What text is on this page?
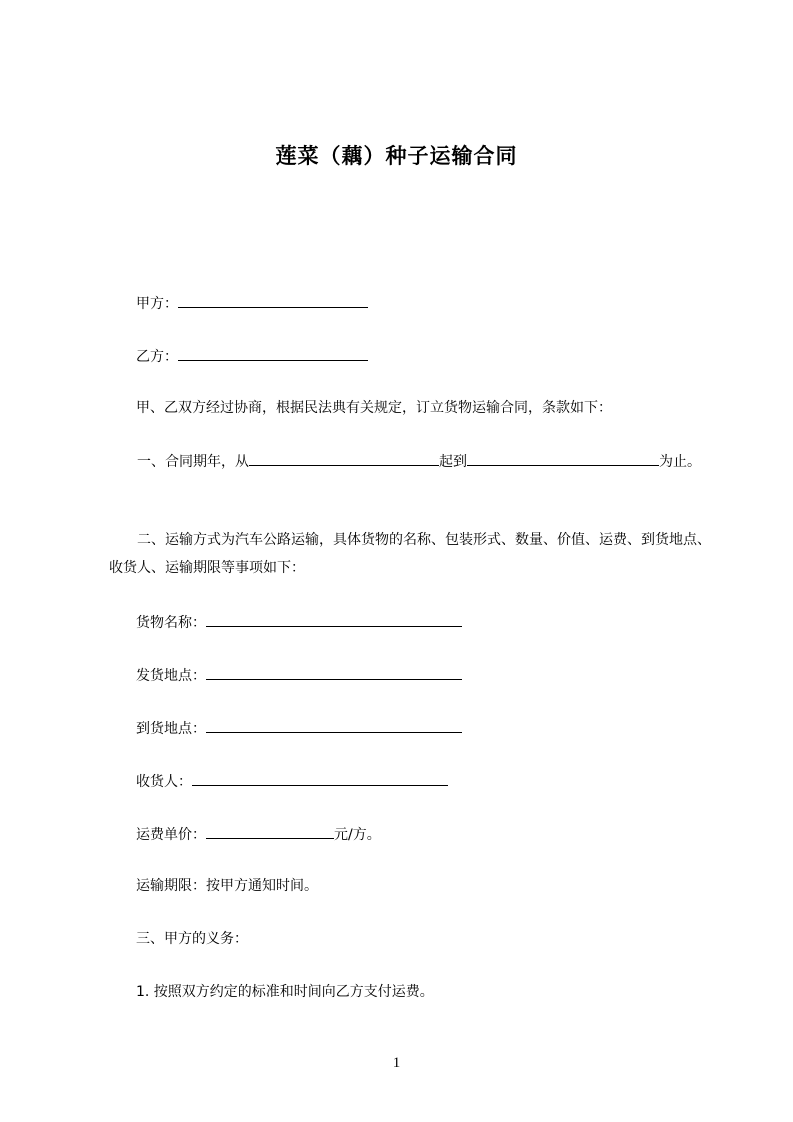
莲菜（藕）种子运输合同
甲方：
乙方：
甲、乙双方经过协商，根据民法典有关规定，订立货物运输合同，条款如下：
一、合同期年，从	起到	为止。
二、运输方式为汽车公路运输，具体货物的名称、包装形式、数量、价值、运费、到货地点、收货人、运输期限等事项如下：
货物名称：
发货地点：
到货地点：
收货人：
运费单价：	元/方。
运输期限：按甲方通知时间。
三、甲方的义务：
1. 按照双方约定的标准和时间向乙方支付运费。
1
